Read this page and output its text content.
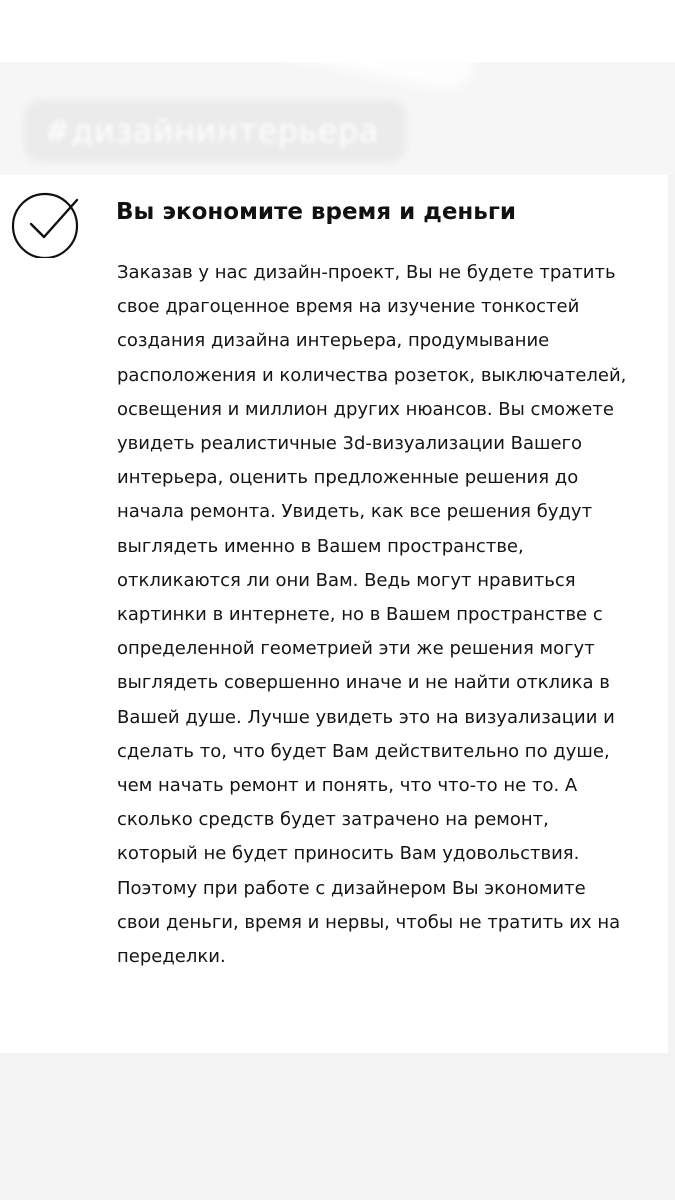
#дизайнинтерьера
Вы экономите время и деньги

Заказав у нас дизайн-проект, Вы не будете тратить свое драгоценное время на изучение тонкостей создания дизайна интерьера, продумывание расположения и количества розеток, выключателей, освещения и миллион других нюансов. Вы сможете увидеть реалистичные 3d-визуализации Вашего интерьера, оценить предложенные решения до начала ремонта. Увидеть, как все решения будут выглядеть именно в Вашем пространстве, откликаются ли они Вам. Ведь могут нравиться картинки в интернете, но в Вашем пространстве с определенной геометрией эти же решения могут выглядеть совершенно иначе и не найти отклика в Вашей душе. Лучше увидеть это на визуализации и сделать то, что будет Вам действительно по душе, чем начать ремонт и понять, что что-то не то. А сколько средств будет затрачено на ремонт, который не будет приносить Вам удовольствия. Поэтому при работе с дизайнером Вы экономите свои деньги, время и нервы, чтобы не тратить их на переделки.
